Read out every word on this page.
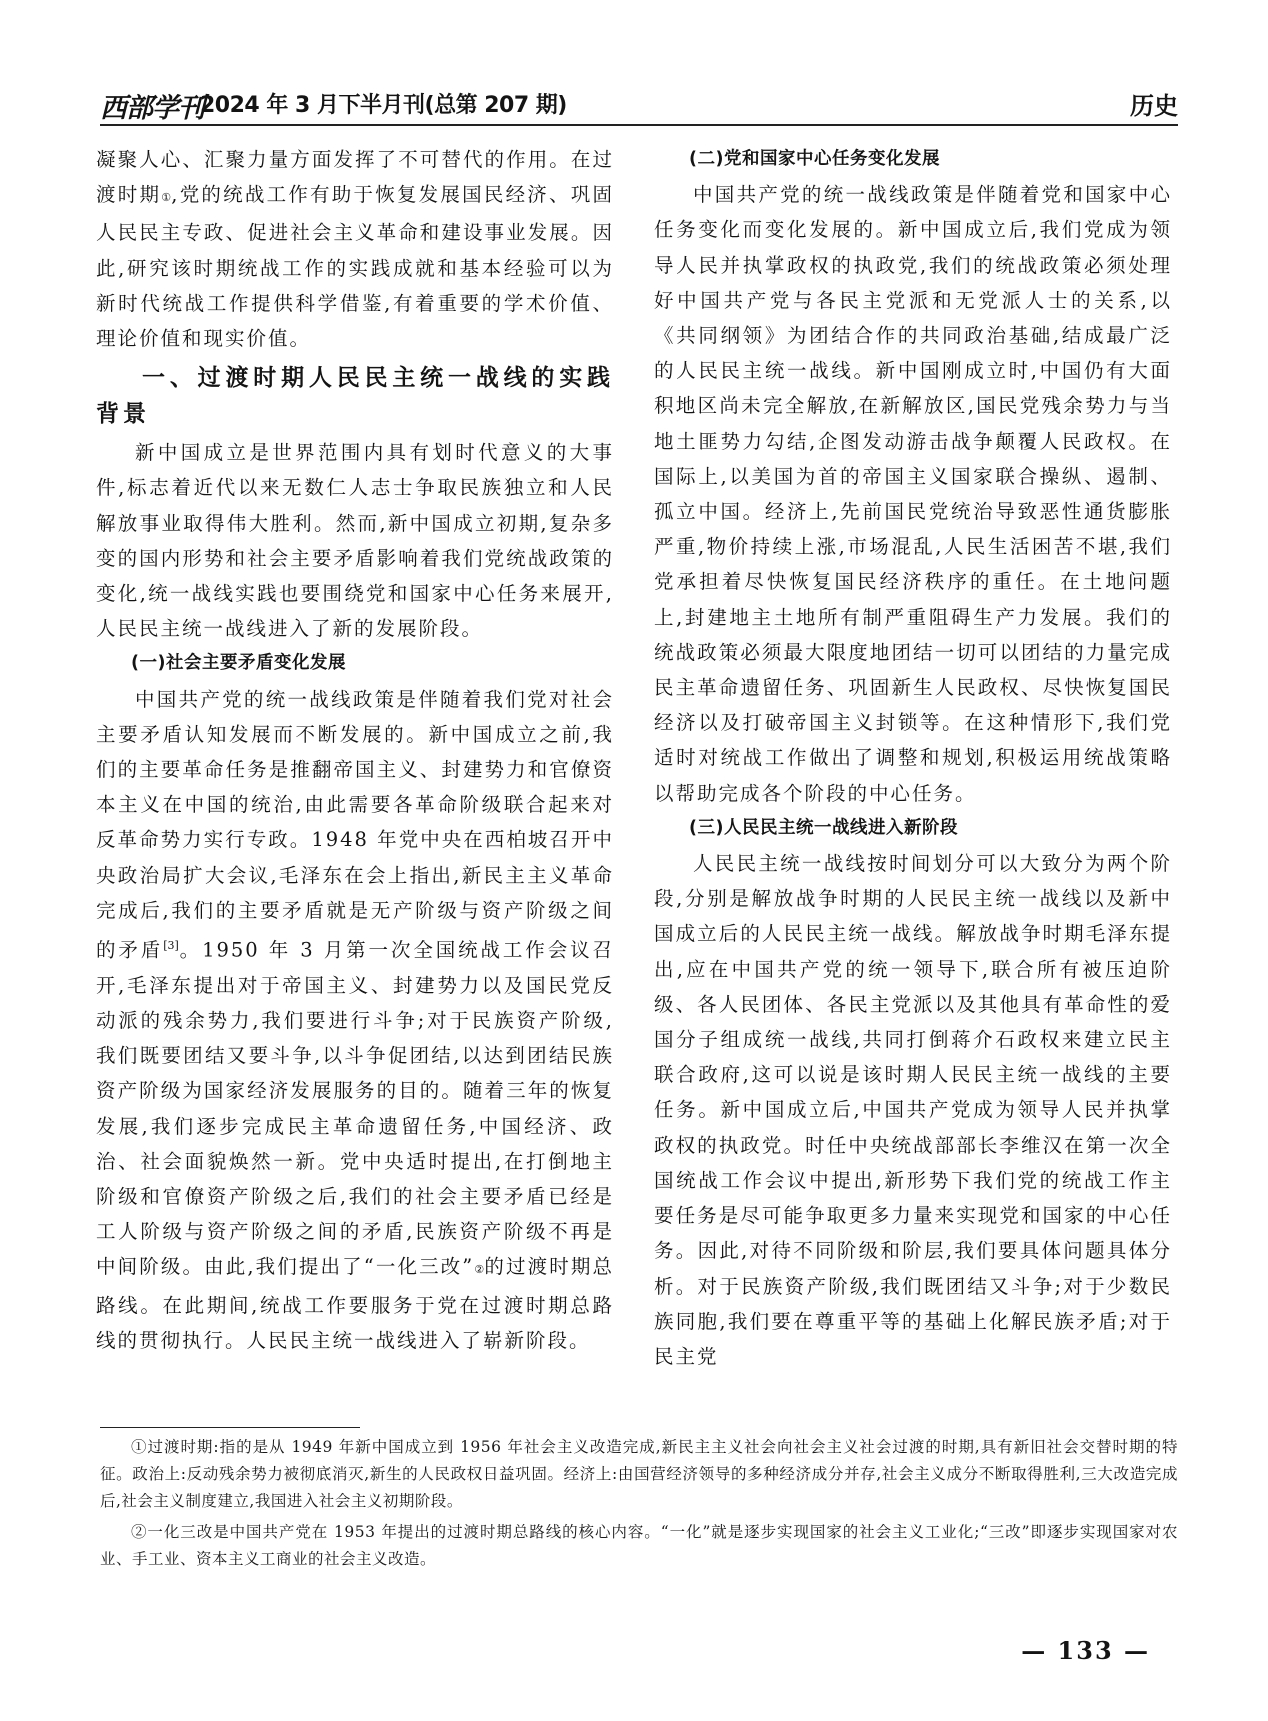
西部学刊
2024 年 3 月下半月刊(总第 207 期)	历史

凝聚人心、汇聚力量方面发挥了不可替代的作用。在过渡时期①,党的统战工作有助于恢复发展国民经济、巩固人民民主专政、促进社会主义革命和建设事业发展。因此,研究该时期统战工作的实践成就和基本经验可以为新时代统战工作提供科学借鉴,有着重要的学术价值、理论价值和现实价值。

一、过渡时期人民民主统一战线的实践背景

新中国成立是世界范围内具有划时代意义的大事件,标志着近代以来无数仁人志士争取民族独立和人民解放事业取得伟大胜利。然而,新中国成立初期,复杂多变的国内形势和社会主要矛盾影响着我们党统战政策的变化,统一战线实践也要围绕党和国家中心任务来展开,人民民主统一战线进入了新的发展阶段。

(一)社会主要矛盾变化发展

中国共产党的统一战线政策是伴随着我们党对社会主要矛盾认知发展而不断发展的。新中国成立之前,我们的主要革命任务是推翻帝国主义、封建势力和官僚资本主义在中国的统治,由此需要各革命阶级联合起来对反革命势力实行专政。1948 年党中央在西柏坡召开中央政治局扩大会议,毛泽东在会上指出,新民主主义革命完成后,我们的主要矛盾就是无产阶级与资产阶级之间的矛盾[3]。1950 年 3 月第一次全国统战工作会议召开,毛泽东提出对于帝国主义、封建势力以及国民党反动派的残余势力,我们要进行斗争;对于民族资产阶级,我们既要团结又要斗争,以斗争促团结,以达到团结民族资产阶级为国家经济发展服务的目的。随着三年的恢复发展,我们逐步完成民主革命遗留任务,中国经济、政治、社会面貌焕然一新。党中央适时提出,在打倒地主阶级和官僚资产阶级之后,我们的社会主要矛盾已经是工人阶级与资产阶级之间的矛盾,民族资产阶级不再是中间阶级。由此,我们提出了“一化三改”②的过渡时期总路线。在此期间,统战工作要服务于党在过渡时期总路线的贯彻执行。人民民主统一战线进入了崭新阶段。

(二)党和国家中心任务变化发展

中国共产党的统一战线政策是伴随着党和国家中心任务变化而变化发展的。新中国成立后,我们党成为领导人民并执掌政权的执政党,我们的统战政策必须处理好中国共产党与各民主党派和无党派人士的关系,以《共同纲领》为团结合作的共同政治基础,结成最广泛的人民民主统一战线。新中国刚成立时,中国仍有大面积地区尚未完全解放,在新解放区,国民党残余势力与当地土匪势力勾结,企图发动游击战争颠覆人民政权。在国际上,以美国为首的帝国主义国家联合操纵、遏制、孤立中国。经济上,先前国民党统治导致恶性通货膨胀严重,物价持续上涨,市场混乱,人民生活困苦不堪,我们党承担着尽快恢复国民经济秩序的重任。在土地问题上,封建地主土地所有制严重阻碍生产力发展。我们的统战政策必须最大限度地团结一切可以团结的力量完成民主革命遗留任务、巩固新生人民政权、尽快恢复国民经济以及打破帝国主义封锁等。在这种情形下,我们党适时对统战工作做出了调整和规划,积极运用统战策略以帮助完成各个阶段的中心任务。

(三)人民民主统一战线进入新阶段

人民民主统一战线按时间划分可以大致分为两个阶段,分别是解放战争时期的人民民主统一战线以及新中国成立后的人民民主统一战线。解放战争时期毛泽东提出,应在中国共产党的统一领导下,联合所有被压迫阶级、各人民团体、各民主党派以及其他具有革命性的爱国分子组成统一战线,共同打倒蒋介石政权来建立民主联合政府,这可以说是该时期人民民主统一战线的主要任务。新中国成立后,中国共产党成为领导人民并执掌政权的执政党。时任中央统战部部长李维汉在第一次全国统战工作会议中提出,新形势下我们党的统战工作主要任务是尽可能争取更多力量来实现党和国家的中心任务。因此,对待不同阶级和阶层,我们要具体问题具体分析。对于民族资产阶级,我们既团结又斗争;对于少数民族同胞,我们要在尊重平等的基础上化解民族矛盾;对于民主党

①过渡时期:指的是从 1949 年新中国成立到 1956 年社会主义改造完成,新民主主义社会向社会主义社会过渡的时期,具有新旧社会交替时期的特征。政治上:反动残余势力被彻底消灭,新生的人民政权日益巩固。经济上:由国营经济领导的多种经济成分并存,社会主义成分不断取得胜利,三大改造完成后,社会主义制度建立,我国进入社会主义初期阶段。

②一化三改是中国共产党在 1953 年提出的过渡时期总路线的核心内容。“一化”就是逐步实现国家的社会主义工业化;“三改”即逐步实现国家对农业、手工业、资本主义工商业的社会主义改造。

— 133 —
